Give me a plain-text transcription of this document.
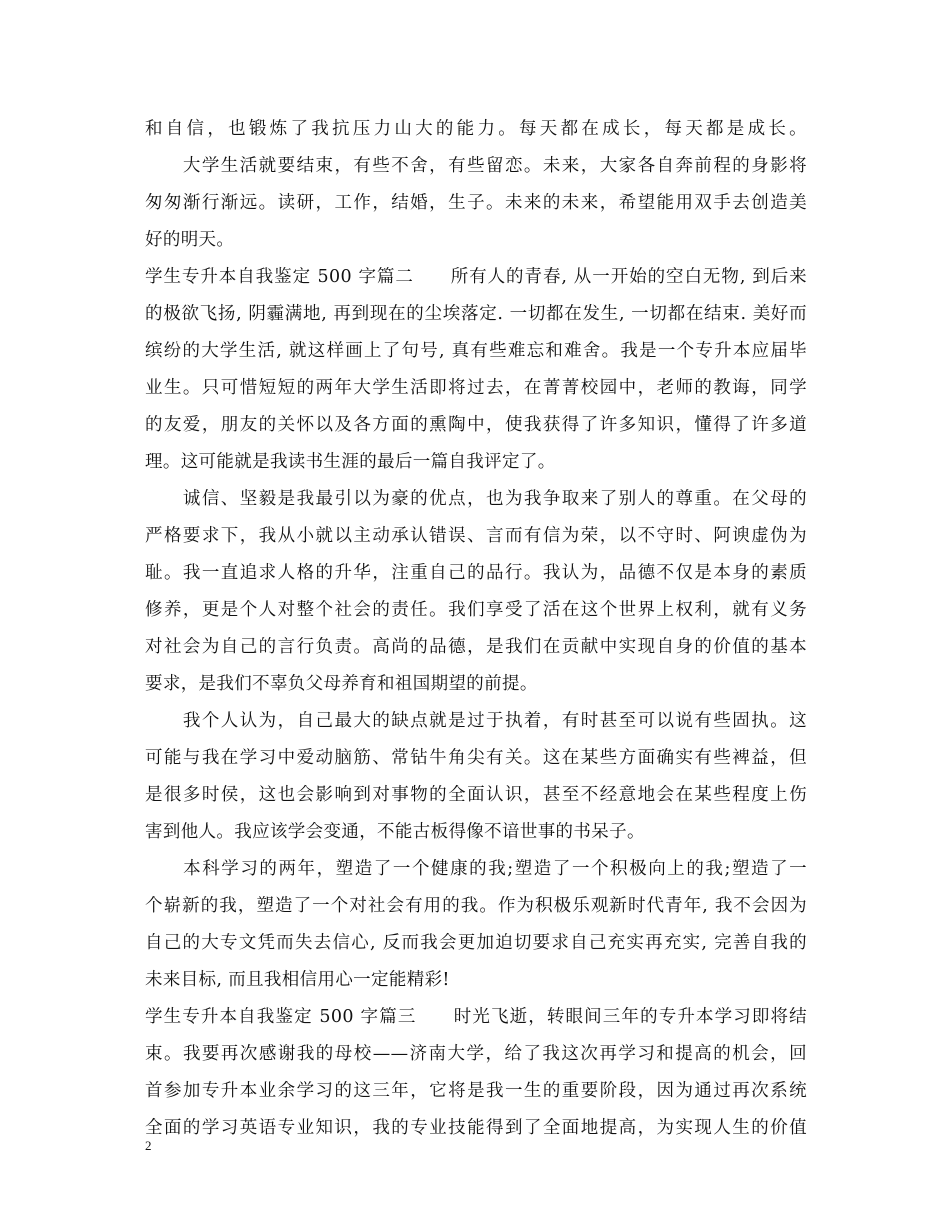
和自信，也锻炼了我抗压力山大的能力。每天都在成长，每天都是成长。
　　大学生活就要结束，有些不舍，有些留恋。未来，大家各自奔前程的身影将
匆匆渐行渐远。读研，工作，结婚，生子。未来的未来，希望能用双手去创造美
好的明天。
学生专升本自我鉴定 500 字篇二　　所有人的青春, 从一开始的空白无物, 到后来
的极欲飞扬, 阴霾满地, 再到现在的尘埃落定. 一切都在发生, 一切都在结束. 美好而
缤纷的大学生活, 就这样画上了句号, 真有些难忘和难舍。我是一个专升本应届毕
业生。只可惜短短的两年大学生活即将过去，在菁菁校园中，老师的教诲，同学
的友爱，朋友的关怀以及各方面的熏陶中，使我获得了许多知识，懂得了许多道
理。这可能就是我读书生涯的最后一篇自我评定了。
　　诚信、坚毅是我最引以为豪的优点，也为我争取来了别人的尊重。在父母的
严格要求下，我从小就以主动承认错误、言而有信为荣，以不守时、阿谀虚伪为
耻。我一直追求人格的升华，注重自己的品行。我认为，品德不仅是本身的素质
修养，更是个人对整个社会的责任。我们享受了活在这个世界上权利，就有义务
对社会为自己的言行负责。高尚的品德，是我们在贡献中实现自身的价值的基本
要求，是我们不辜负父母养育和祖国期望的前提。
　　我个人认为，自己最大的缺点就是过于执着，有时甚至可以说有些固执。这
可能与我在学习中爱动脑筋、常钻牛角尖有关。这在某些方面确实有些裨益，但
是很多时侯，这也会影响到对事物的全面认识，甚至不经意地会在某些程度上伤
害到他人。我应该学会变通，不能古板得像不谙世事的书呆子。
　　本科学习的两年，塑造了一个健康的我;塑造了一个积极向上的我;塑造了一
个崭新的我，塑造了一个对社会有用的我。作为积极乐观新时代青年, 我不会因为
自己的大专文凭而失去信心, 反而我会更加迫切要求自己充实再充实, 完善自我的
未来目标, 而且我相信用心一定能精彩!
学生专升本自我鉴定 500 字篇三　　时光飞逝，转眼间三年的专升本学习即将结
束。我要再次感谢我的母校——济南大学，给了我这次再学习和提高的机会，回
首参加专升本业余学习的这三年，它将是我一生的重要阶段，因为通过再次系统
全面的学习英语专业知识，我的专业技能得到了全面地提高，为实现人生的价值
2
